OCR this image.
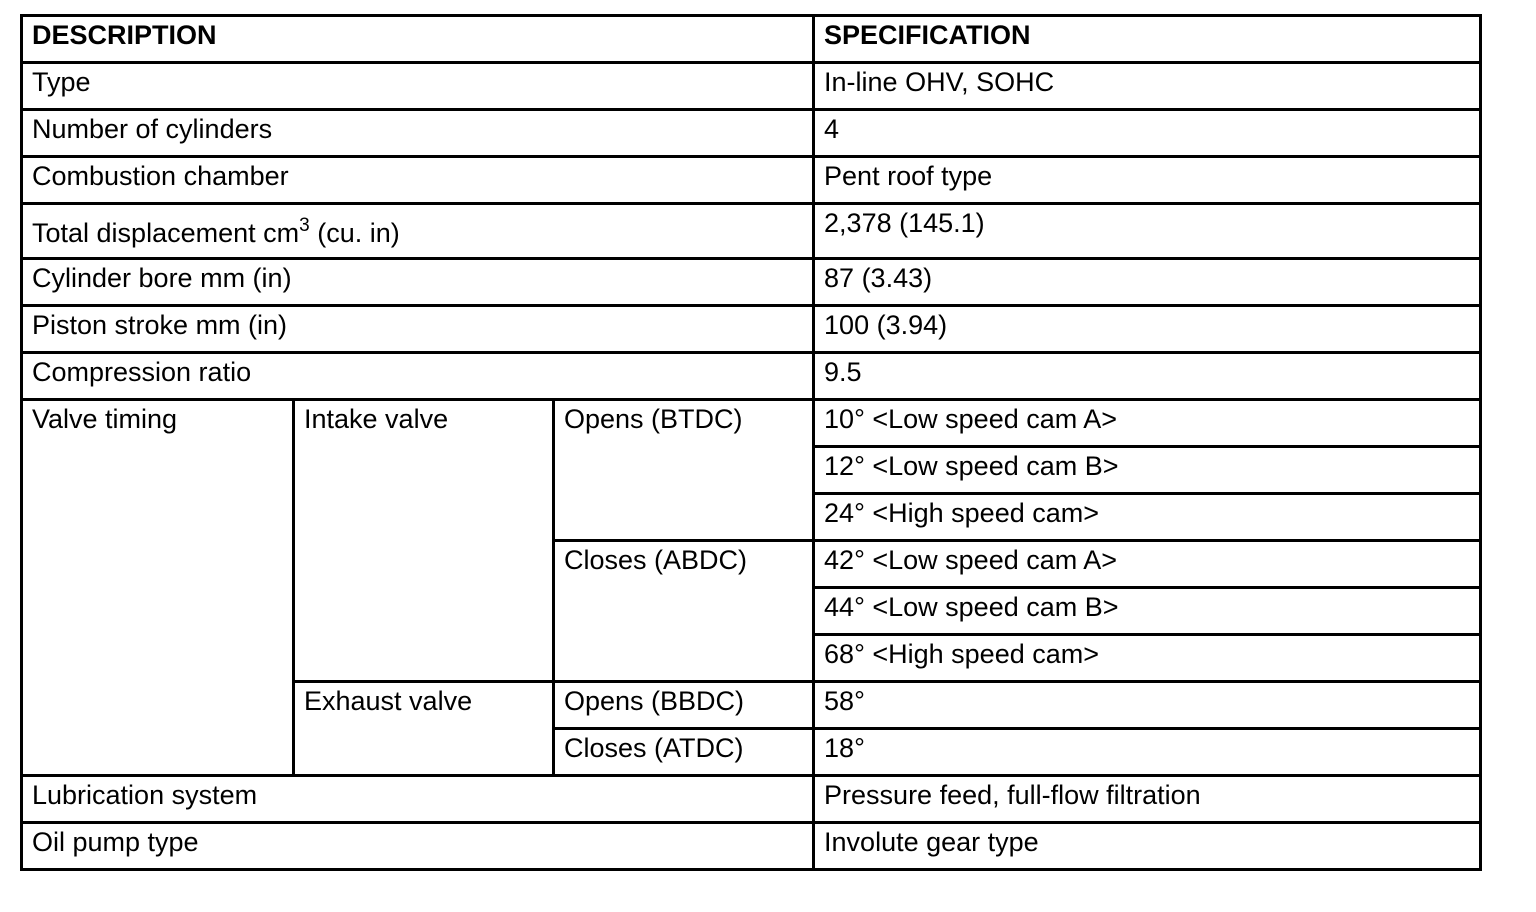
DESCRIPTION			SPECIFICATION
Type			In-line OHV, SOHC
Number of cylinders			4
Combustion chamber			Pent roof type
Total displacement $cm^3$ (cu. in)			2,378 (145.1)
Cylinder bore mm (in)			87 (3.43)
Piston stroke mm (in)			100 (3.94)
Compression ratio			9.5
Valve timing	Intake valve	Opens (BTDC)	10° <Low speed cam A>
			12° <Low speed cam B>
			24° <High speed cam>
		Closes (ABDC)	42° <Low speed cam A>
			44° <Low speed cam B>
			68° <High speed cam>
	Exhaust valve	Opens (BBDC)	58°
		Closes (ATDC)	18°
Lubrication system			Pressure feed, full-flow filtration
Oil pump type			Involute gear type
